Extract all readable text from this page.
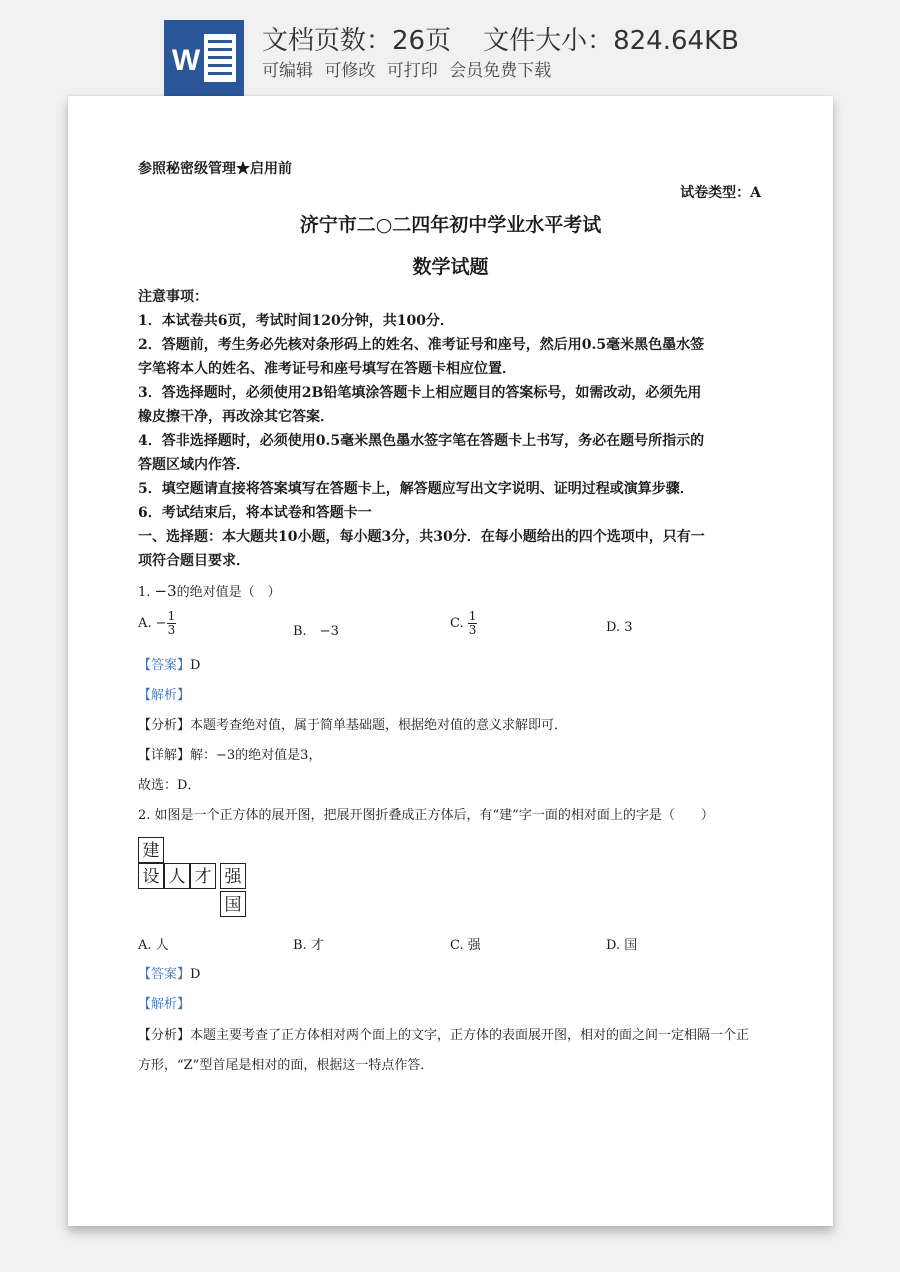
W
文档页数：26页 文件大小：824.64KB
可编辑 可修改 可打印 会员免费下载
参照秘密级管理★启用前
试卷类型：A
济宁市二○二四年初中学业水平考试
数学试题
注意事项：
1．本试卷共6页，考试时间120分钟，共100分．
2．答题前，考生务必先核对条形码上的姓名、准考证号和座号，然后用0.5毫米黑色墨水签
字笔将本人的姓名、准考证号和座号填写在答题卡相应位置．
3．答选择题时，必须使用2B铅笔填涂答题卡上相应题目的答案标号，如需改动，必须先用
橡皮擦干净，再改涂其它答案．
4．答非选择题时，必须使用0.5毫米黑色墨水签字笔在答题卡上书写，务必在题号所指示的
答题区域内作答．
5．填空题请直接将答案填写在答题卡上，解答题应写出文字说明、证明过程或演算步骤．
6．考试结束后，将本试卷和答题卡一
一、选择题：本大题共10小题，每小题3分，共30分．在每小题给出的四个选项中，只有一
项符合题目要求．
1. −3的绝对值是（　）
A. − $\frac{1}{3}$	B.　−3
C. $\frac{1}{3}$	D. 3
【答案】D
【解析】
【分析】本题考查绝对值，属于简单基础题，根据绝对值的意义求解即可．
【详解】解：−3的绝对值是3，
故选：D．
2. 如图是一个正方体的展开图，把展开图折叠成正方体后，有“建”字一面的相对面上的字是（　　）
建
设 人 才 强
国
A. 人	B. 才	C. 强	D. 国
【答案】D
【解析】
【分析】本题主要考查了正方体相对两个面上的文字，正方体的表面展开图，相对的面之间一定相隔一个正
方形，“Z”型首尾是相对的面，根据这一特点作答．
